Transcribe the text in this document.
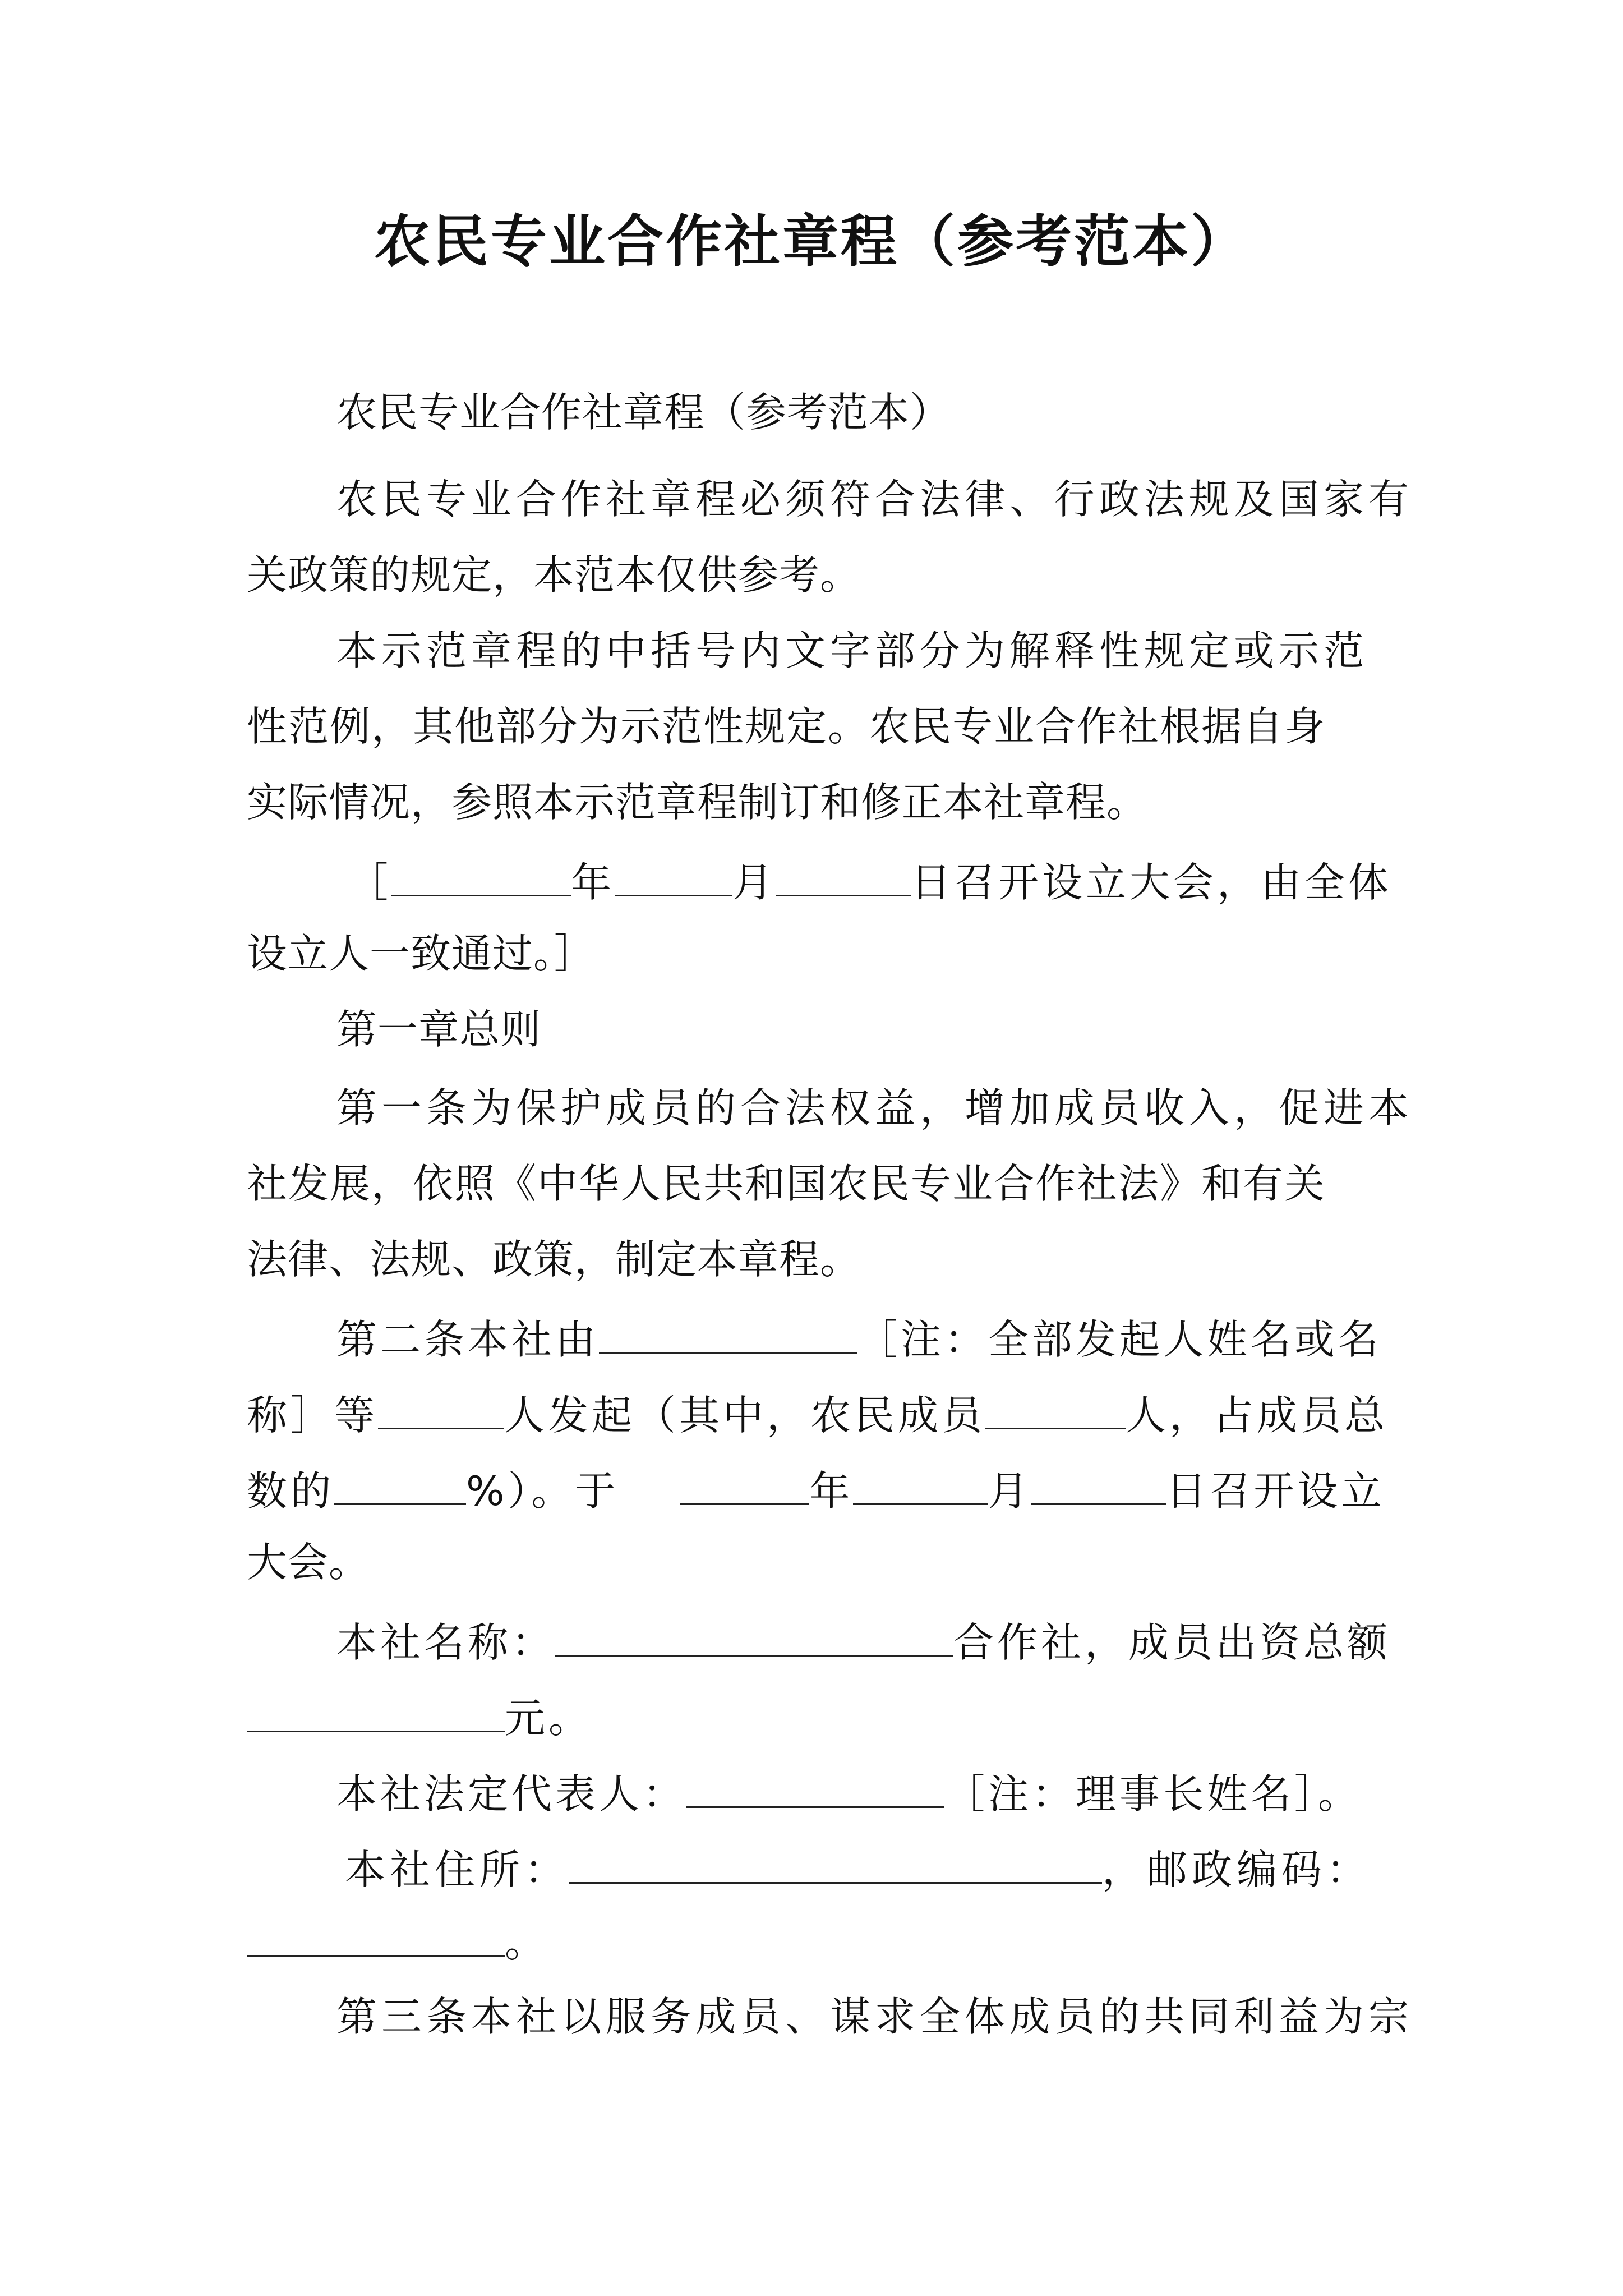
农民专业合作社章程（参考范本）
农民专业合作社章程（参考范本）
农民专业合作社章程必须符合法律、行政法规及国家有
关政策的规定，本范本仅供参考。
本示范章程的中括号内文字部分为解释性规定或示范
性范例，其他部分为示范性规定。农民专业合作社根据自身
实际情况，参照本示范章程制订和修正本社章程。
［	年	月	日召开设立大会，由全体
设立人一致通过。］
第一章总则
第一条为保护成员的合法权益，增加成员收入，促进本
社发展，依照《中华人民共和国农民专业合作社法》和有关
法律、法规、政策，制定本章程。
第二条本社由	［注：全部发起人姓名或名
称］等	人发起（其中，农民成员	人，占成员总
数的	%）。于	年	月	日召开设立
大会。
本社名称：	合作社，成员出资总额
元。
本社法定代表人：	［注：理事长姓名］。
本社住所：	，邮政编码：
。
第三条本社以服务成员、谋求全体成员的共同利益为宗
